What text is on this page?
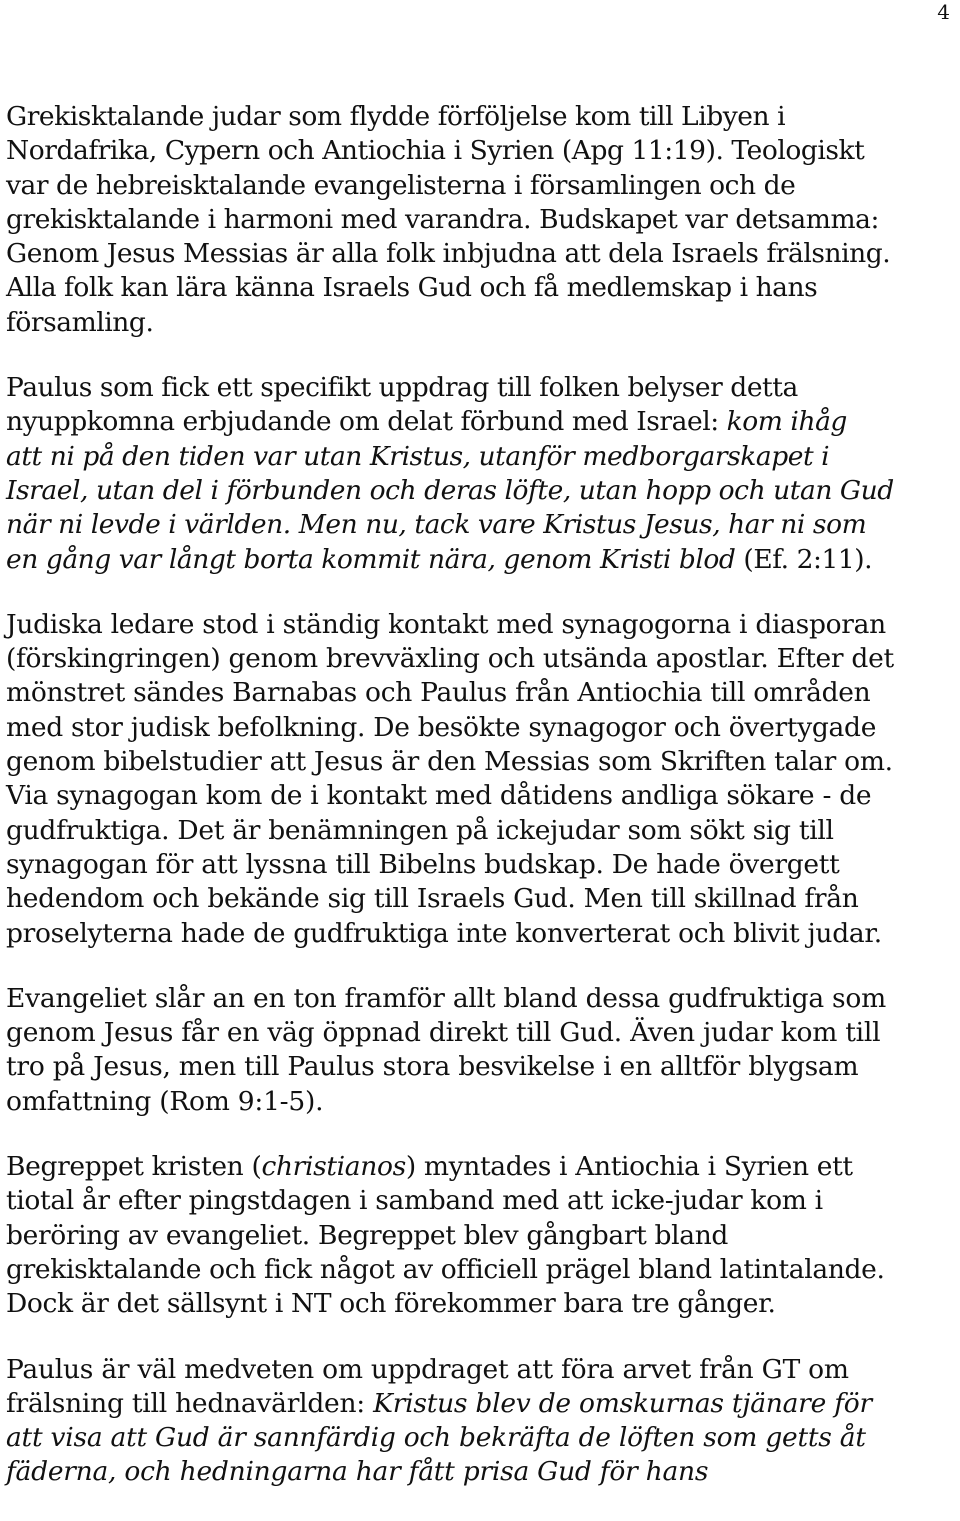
4

Grekisktalande judar som flydde förföljelse kom till Libyen i
Nordafrika, Cypern och Antiochia i Syrien (Apg 11:19). Teologiskt
var de hebreisktalande evangelisterna i församlingen och de
grekisktalande i harmoni med varandra. Budskapet var detsamma:
Genom Jesus Messias är alla folk inbjudna att dela Israels frälsning.
Alla folk kan lära känna Israels Gud och få medlemskap i hans
församling.

Paulus som fick ett specifikt uppdrag till folken belyser detta
nyuppkomna erbjudande om delat förbund med Israel: kom ihåg
att ni på den tiden var utan Kristus, utanför medborgarskapet i
Israel, utan del i förbunden och deras löfte, utan hopp och utan Gud
när ni levde i världen. Men nu, tack vare Kristus Jesus, har ni som
en gång var långt borta kommit nära, genom Kristi blod (Ef. 2:11).

Judiska ledare stod i ständig kontakt med synagogorna i diasporan
(förskingringen) genom brevväxling och utsända apostlar. Efter det
mönstret sändes Barnabas och Paulus från Antiochia till områden
med stor judisk befolkning. De besökte synagogor och övertygade
genom bibelstudier att Jesus är den Messias som Skriften talar om.
Via synagogan kom de i kontakt med dåtidens andliga sökare - de
gudfruktiga. Det är benämningen på ickejudar som sökt sig till
synagogan för att lyssna till Bibelns budskap. De hade övergett
hedendom och bekände sig till Israels Gud. Men till skillnad från
proselyterna hade de gudfruktiga inte konverterat och blivit judar.

Evangeliet slår an en ton framför allt bland dessa gudfruktiga som
genom Jesus får en väg öppnad direkt till Gud. Även judar kom till
tro på Jesus, men till Paulus stora besvikelse i en alltför blygsam
omfattning (Rom 9:1-5).

Begreppet kristen (christianos) myntades i Antiochia i Syrien ett
tiotal år efter pingstdagen i samband med att icke-judar kom i
beröring av evangeliet. Begreppet blev gångbart bland
grekisktalande och fick något av officiell prägel bland latintalande.
Dock är det sällsynt i NT och förekommer bara tre gånger.

Paulus är väl medveten om uppdraget att föra arvet från GT om
frälsning till hednavärlden: Kristus blev de omskurnas tjänare för
att visa att Gud är sannfärdig och bekräfta de löften som getts åt
fäderna, och hedningarna har fått prisa Gud för hans
